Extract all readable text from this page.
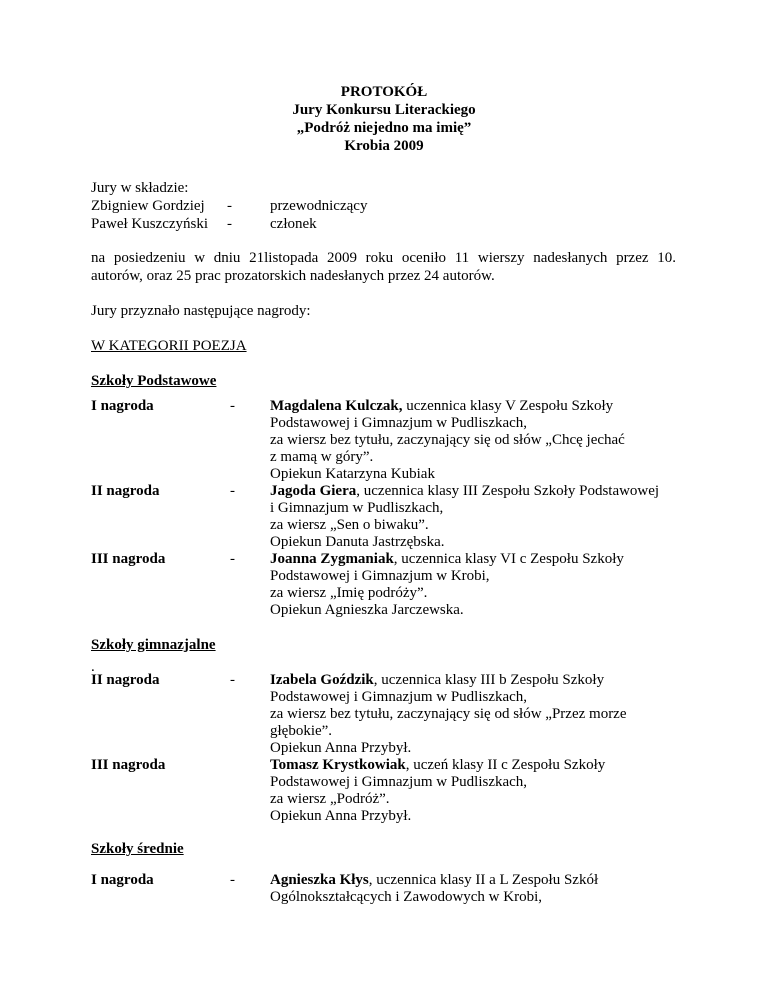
PROTOKÓŁ
Jury Konkursu Literackiego
„Podróż niejedno ma imię”
Krobia 2009
Jury w składzie:
Zbigniew Gordziej -	przewodniczący
Paweł Kuszczyński -	członek
na posiedzeniu w dniu 21listopada 2009 roku oceniło 11 wierszy nadesłanych przez 10.
autorów, oraz 25 prac prozatorskich nadesłanych przez 24 autorów.
Jury przyznało następujące nagrody:
W KATEGORII POEZJA
Szkoły Podstawowe
I nagroda	- Magdalena Kulczak, uczennica klasy V Zespołu Szkoły
Podstawowej i Gimnazjum w Pudliszkach,
za wiersz bez tytułu, zaczynający się od słów „Chcę jechać
z mamą w góry”.
Opiekun Katarzyna Kubiak
II nagroda	- Jagoda Giera, uczennica klasy III Zespołu Szkoły Podstawowej
i Gimnazjum w Pudliszkach,
za wiersz „Sen o biwaku”.
Opiekun Danuta Jastrzębska.
III nagroda	- Joanna Zygmaniak, uczennica klasy VI c Zespołu Szkoły
Podstawowej i Gimnazjum w Krobi,
za wiersz „Imię podróży”.
Opiekun Agnieszka Jarczewska.
Szkoły gimnazjalne
.
II nagroda	- Izabela Goździk, uczennica klasy III b Zespołu Szkoły
Podstawowej i Gimnazjum w Pudliszkach,
za wiersz bez tytułu, zaczynający się od słów „Przez morze
głębokie”.
Opiekun Anna Przybył.
III nagroda	Tomasz Krystkowiak, uczeń klasy II c Zespołu Szkoły
Podstawowej i Gimnazjum w Pudliszkach,
za wiersz „Podróż”.
Opiekun Anna Przybył.
Szkoły średnie
I nagroda	- Agnieszka Kłys, uczennica klasy II a L Zespołu Szkół
Ogólnokształcących i Zawodowych w Krobi,
